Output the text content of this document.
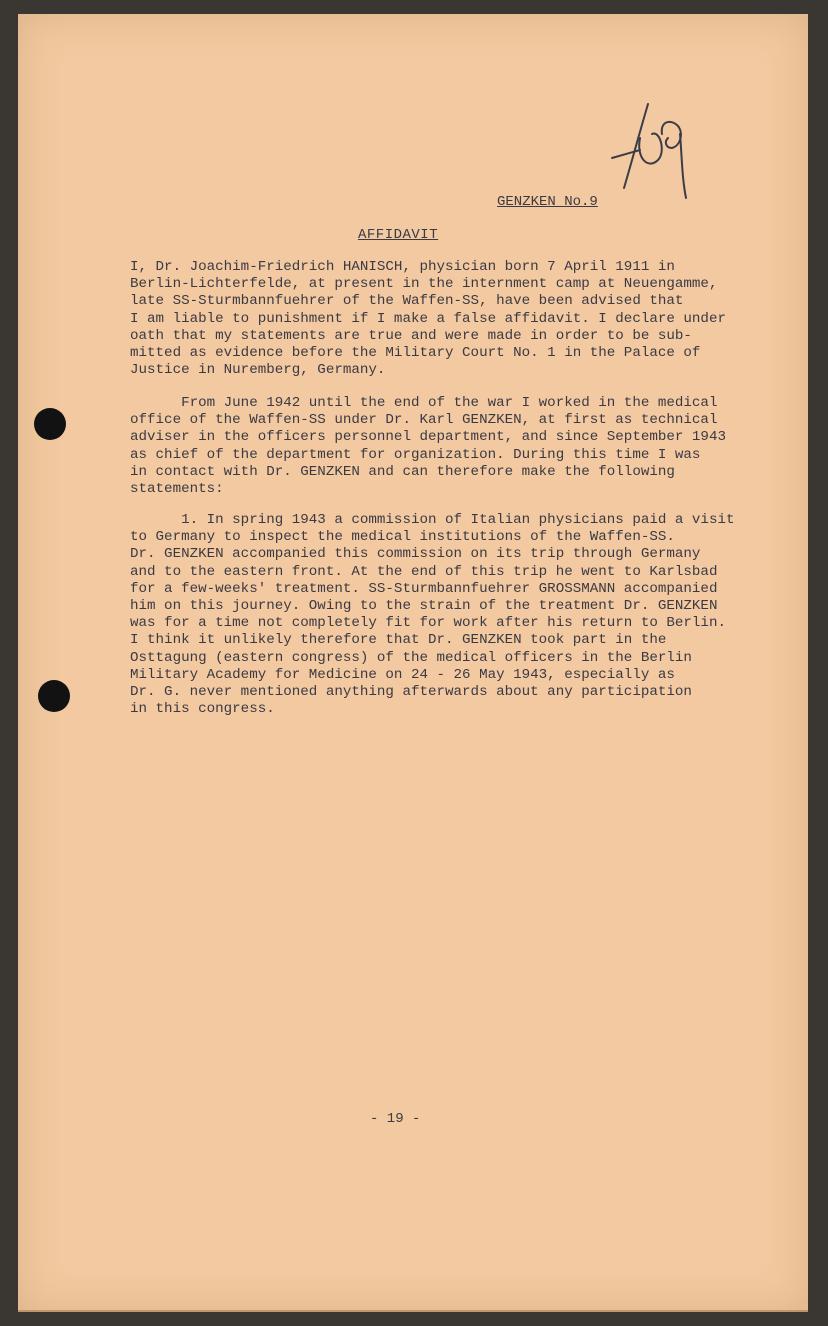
GENZKEN No.9
AFFIDAVIT

I, Dr. Joachim-Friedrich HANISCH, physician born 7 April 1911 in
Berlin-Lichterfelde, at present in the internment camp at Neuengamme,
late SS-Sturmbannfuehrer of the Waffen-SS, have been advised that
I am liable to punishment if I make a false affidavit. I declare under
oath that my statements are true and were made in order to be sub-
mitted as evidence before the Military Court No. 1 in the Palace of
Justice in Nuremberg, Germany.

From June 1942 until the end of the war I worked in the medical
office of the Waffen-SS under Dr. Karl GENZKEN, at first as technical
adviser in the officers personnel department, and since September 1943
as chief of the department for organization. During this time I was
in contact with Dr. GENZKEN and can therefore make the following
statements:

1. In spring 1943 a commission of Italian physicians paid a visit
to Germany to inspect the medical institutions of the Waffen-SS.
Dr. GENZKEN accompanied this commission on its trip through Germany
and to the eastern front. At the end of this trip he went to Karlsbad
for a few-weeks' treatment. SS-Sturmbannfuehrer GROSSMANN accompanied
him on this journey. Owing to the strain of the treatment Dr. GENZKEN
was for a time not completely fit for work after his return to Berlin.
I think it unlikely therefore that Dr. GENZKEN took part in the
Osttagung (eastern congress) of the medical officers in the Berlin
Military Academy for Medicine on 24 - 26 May 1943, especially as
Dr. G. never mentioned anything afterwards about any participation
in this congress.

- 19 -
